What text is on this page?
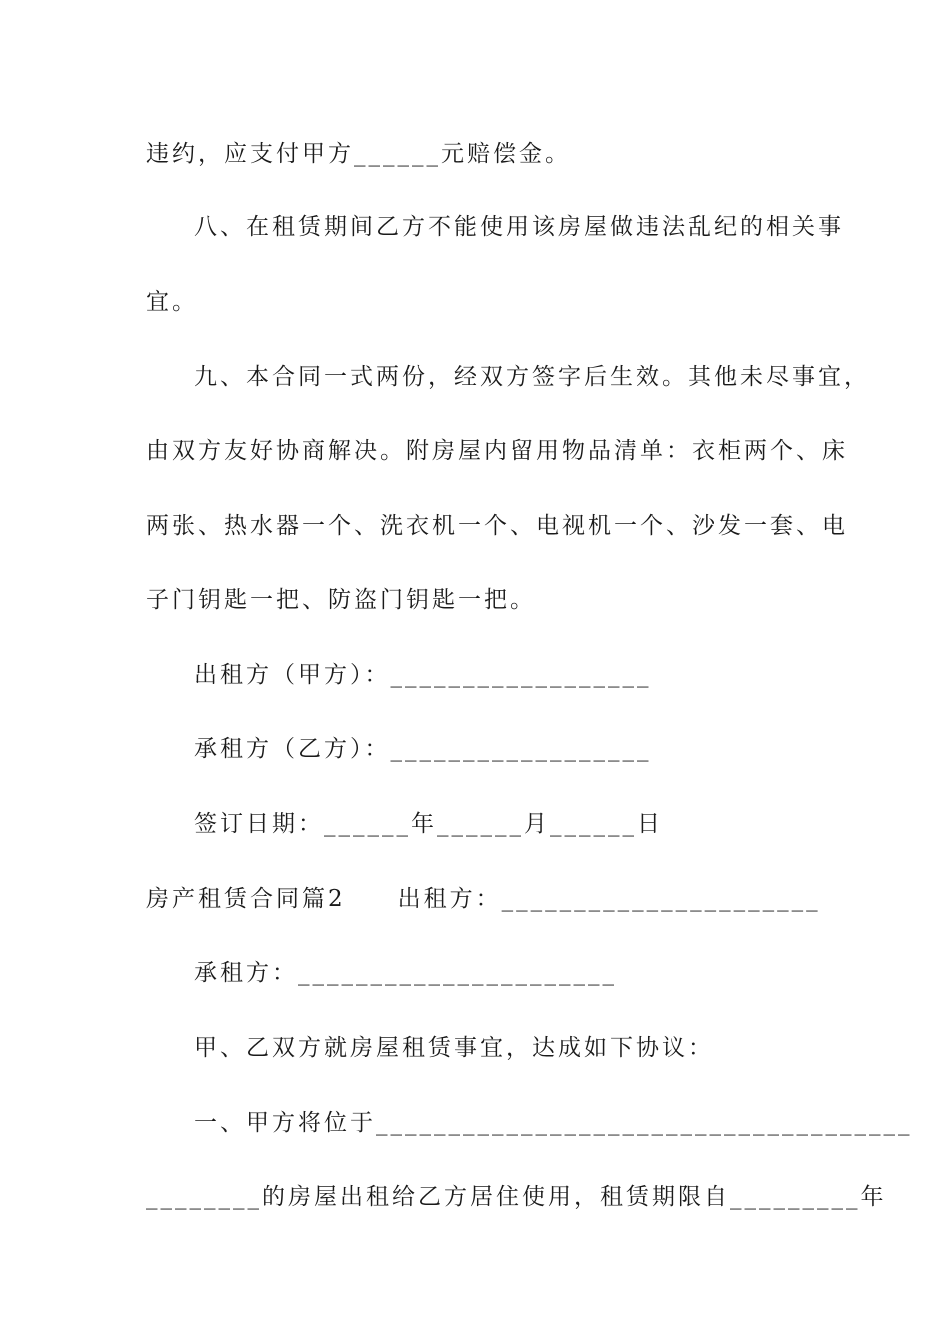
违约，应支付甲方______元赔偿金。
八、在租赁期间乙方不能使用该房屋做违法乱纪的相关事
宜。
九、本合同一式两份，经双方签字后生效。其他未尽事宜，
由双方友好协商解决。附房屋内留用物品清单：衣柜两个、床
两张、热水器一个、洗衣机一个、电视机一个、沙发一套、电
子门钥匙一把、防盗门钥匙一把。
出租方（甲方）：__________________
承租方（乙方）：__________________
签订日期：______年______月______日
房产租赁合同篇2　　出租方：______________________
承租方：______________________
甲、乙双方就房屋租赁事宜，达成如下协议：
一、甲方将位于_____________________________________
________的房屋出租给乙方居住使用，租赁期限自_________年
